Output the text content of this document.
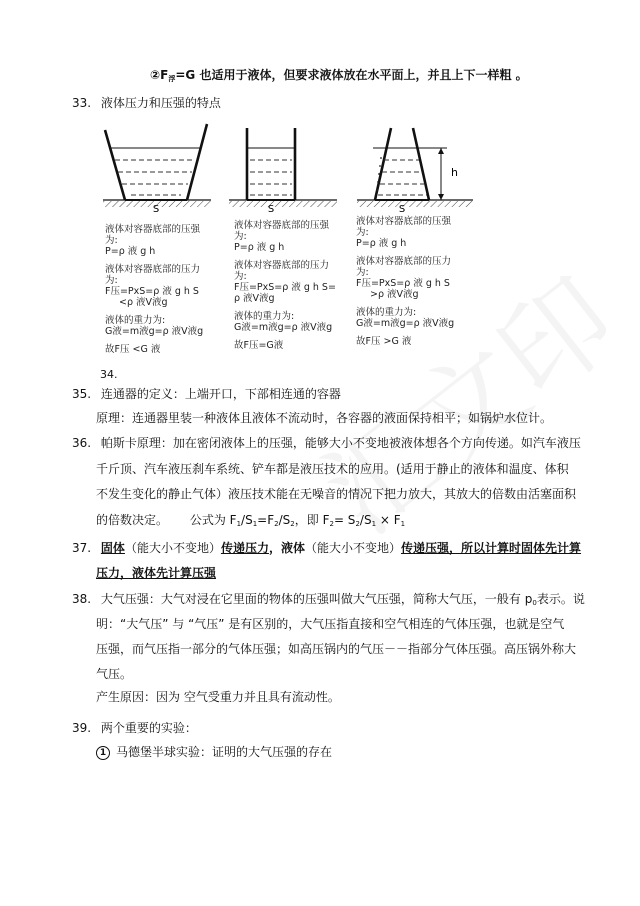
$②F_浮=G$ 也适用于液体，但要求液体放在水平面上，并且上下一样粗 。
33. 液体压力和压强的特点
S	S	S
h
液体对容器底部的压强为:
P=ρ 液 g h
液体对容器底部的压力为:
F压=PxS=ρ 液 g h S
<ρ 液V液g
液体的重力为:
G液=m液g=ρ 液V液g
故F压 <G 液
液体对容器底部的压强为:
P=ρ 液 g h
液体对容器底部的压力为:
F压=PxS=ρ 液 g h S=
ρ 液V液g
液体的重力为:
G液=m液g=ρ 液V液g
故F压=G液
液体对容器底部的压强为:
P=ρ 液 g h
液体对容器底部的压力为:
F压=PxS=ρ 液 g h S
>ρ 液V液g
液体的重力为:
G液=m液g=ρ 液V液g
故F压 >G 液
34.
35. 连通器的定义：上端开口，下部相连通的容器
原理：连通器里装一种液体且液体不流动时，各容器的液面保持相平；如锅炉水位计。
36. 帕斯卡原理：加在密闭液体上的压强，能够大小不变地被液体想各个方向传递。如汽车液压
千斤顶、汽车液压刹车系统、铲车都是液压技术的应用。(适用于静止的液体和温度、体积
不发生变化的静止气体）液压技术能在无噪音的情况下把力放大，其放大的倍数由活塞面积
的倍数决定。 公式为 $F_1/S_1=F_2/S_2$，即 $F_2= S_2/S_1 \times F_1$
37. 固体（能大小不变地）传递压力，液体（能大小不变地）传递压强，所以计算时固体先计算
压力，液体先计算压强
38. 大气压强：大气对浸在它里面的物体的压强叫做大气压强，简称大气压，一般有 $p_0$表示。说
明：“大气压” 与 “气压” 是有区别的，大气压指直接和空气相连的气体压强，也就是空气
压强，而气压指一部分的气体压强；如高压锅内的气压－－指部分气体压强。高压锅外称大
气压。
产生原因：因为 空气受重力并且具有流动性。
39. 两个重要的实验：
1 马德堡半球实验：证明的大气压强的存在
